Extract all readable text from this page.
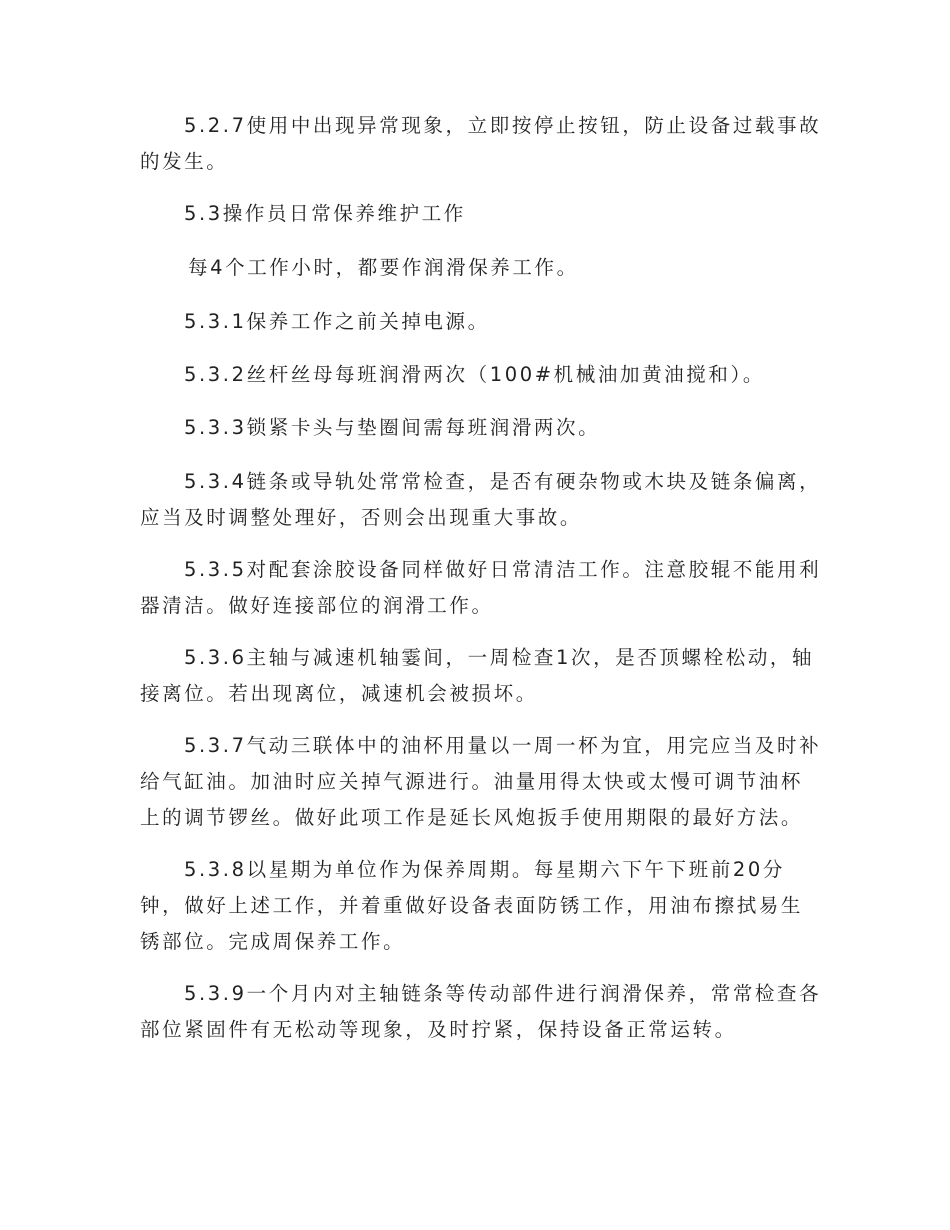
5.2.7使用中出现异常现象，立即按停止按钮，防止设备过载事故
的发生。

5.3操作员日常保养维护工作

每4个工作小时，都要作润滑保养工作。

5.3.1保养工作之前关掉电源。

5.3.2丝杆丝母每班润滑两次（100#机械油加黄油搅和）。

5.3.3锁紧卡头与垫圈间需每班润滑两次。

5.3.4链条或导轨处常常检查，是否有硬杂物或木块及链条偏离，
应当及时调整处理好，否则会出现重大事故。

5.3.5对配套涂胶设备同样做好日常清洁工作。注意胶辊不能用利
器清洁。做好连接部位的润滑工作。

5.3.6主轴与减速机轴霎间，一周检查1次，是否顶螺栓松动，轴
接离位。若出现离位，减速机会被损坏。

5.3.7气动三联体中的油杯用量以一周一杯为宜，用完应当及时补
给气缸油。加油时应关掉气源进行。油量用得太快或太慢可调节油杯
上的调节锣丝。做好此项工作是延长风炮扳手使用期限的最好方法。

5.3.8以星期为单位作为保养周期。每星期六下午下班前20分
钟，做好上述工作，并着重做好设备表面防锈工作，用油布擦拭易生
锈部位。完成周保养工作。

5.3.9一个月内对主轴链条等传动部件进行润滑保养，常常检查各
部位紧固件有无松动等现象，及时拧紧，保持设备正常运转。
